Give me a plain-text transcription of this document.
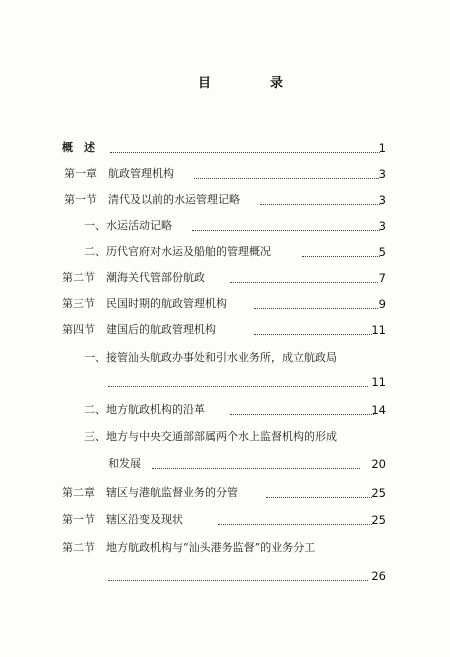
目	录
概　述	1
第一章　航政管理机构	3
第一节　清代及以前的水运管理记略	3
一、水运活动记略	3
二、历代官府对水运及船舶的管理概况	5
第二节　潮海关代管部份航政	7
第三节　民国时期的航政管理机构	9
第四节　建国后的航政管理机构	11
一、接管汕头航政办事处和引水业务所，成立航政局
11
二、地方航政机构的沿革	14
三、地方与中央交通部部属两个水上监督机构的形成
和发展	20
第二章　辖区与港航监督业务的分管	25
第一节　辖区沿变及现状	25
第二节　地方航政机构与“汕头港务监督”的业务分工
26
